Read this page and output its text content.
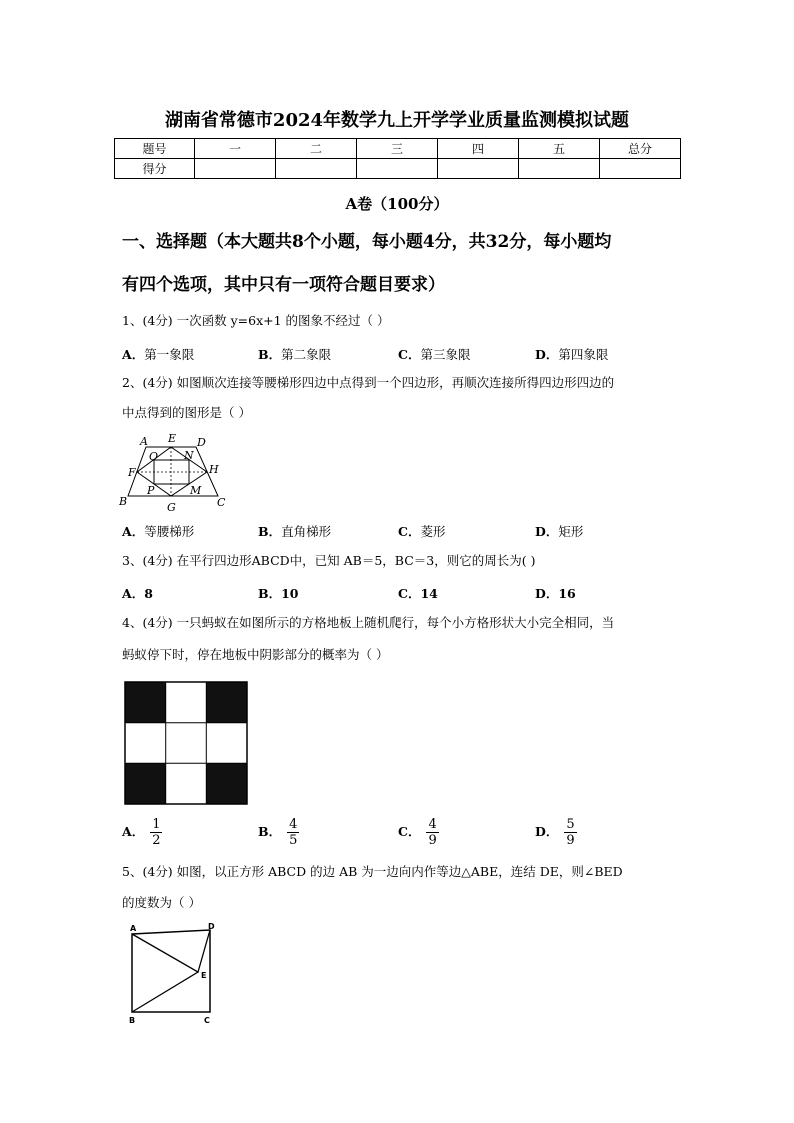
湖南省常德市2024年数学九上开学学业质量监测模拟试题
题号	一	二	三	四	五	总分
得分						
A卷（100分）
一、选择题（本大题共8个小题，每小题4分，共32分，每小题均
有四个选项，其中只有一项符合题目要求）
1、(4分) 一次函数 y=6x+1 的图象不经过（ ）
A．第一象限	B．第二象限	C．第三象限	D．第四象限
2、(4分) 如图顺次连接等腰梯形四边中点得到一个四边形，再顺次连接所得四边形四边的
中点得到的图形是（ ）
A E D
O N
F	H
P	M
B	G	C
A．等腰梯形	B．直角梯形	C．菱形	D．矩形
3、(4分) 在平行四边形ABCD中，已知 AB＝5，BC＝3，则它的周长为( )
A．8	B．10	C．14	D．16
4、(4分) 一只蚂蚁在如图所示的方格地板上随机爬行，每个小方格形状大小完全相同，当
蚂蚁停下时，停在地板中阴影部分的概率为（ ）
A． $\frac{1}{2}$	B． $\frac{4}{5}$	C． $\frac{4}{9}$	D． $\frac{5}{9}$
5、(4分) 如图，以正方形 ABCD 的边 AB 为一边向内作等边△ABE，连结 DE，则∠BED
的度数为（ ）
A	D
E
B	C
